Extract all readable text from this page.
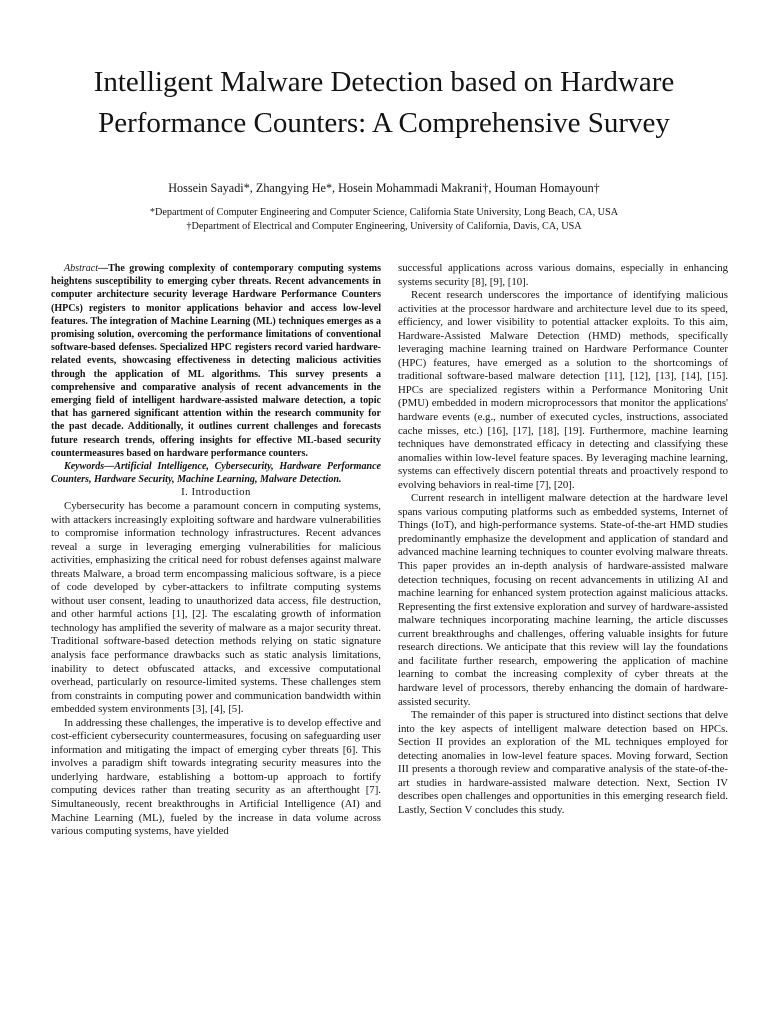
Intelligent Malware Detection based on Hardware
Performance Counters: A Comprehensive Survey
Hossein Sayadi*, Zhangying He*, Hosein Mohammadi Makrani†, Houman Homayoun†
*Department of Computer Engineering and Computer Science, California State University, Long Beach, CA, USA
†Department of Electrical and Computer Engineering, University of California, Davis, CA, USA

Abstract—The growing complexity of contemporary computing systems heightens susceptibility to emerging cyber threats. Recent advancements in computer architecture security leverage Hardware Performance Counters (HPCs) registers to monitor applications behavior and access low-level features. The integration of Machine Learning (ML) techniques emerges as a promising solution, overcoming the performance limitations of conventional software-based defenses. Specialized HPC registers record varied hardware-related events, showcasing effectiveness in detecting malicious activities through the application of ML algorithms. This survey presents a comprehensive and comparative analysis of recent advancements in the emerging field of intelligent hardware-assisted malware detection, a topic that has garnered significant attention within the research community for the past decade. Additionally, it outlines current challenges and forecasts future research trends, offering insights for effective ML-based security countermeasures based on hardware performance counters.

Keywords—Artificial Intelligence, Cybersecurity, Hardware Performance Counters, Hardware Security, Machine Learning, Malware Detection.

I. Introduction

Cybersecurity has become a paramount concern in computing systems, with attackers increasingly exploiting software and hardware vulnerabilities to compromise information technology infrastructures. Recent advances reveal a surge in leveraging emerging vulnerabilities for malicious activities, emphasizing the critical need for robust defenses against malware threats Malware, a broad term encompassing malicious software, is a piece of code developed by cyber-attackers to infiltrate computing systems without user consent, leading to unauthorized data access, file destruction, and other harmful actions [1], [2]. The escalating growth of information technology has amplified the severity of malware as a major security threat. Traditional software-based detection methods relying on static signature analysis face performance drawbacks such as static analysis limitations, inability to detect obfuscated attacks, and excessive computational overhead, particularly on resource-limited systems. These challenges stem from constraints in computing power and communication bandwidth within embedded system environments [3], [4], [5].

In addressing these challenges, the imperative is to develop effective and cost-efficient cybersecurity countermeasures, focusing on safeguarding user information and mitigating the impact of emerging cyber threats [6]. This involves a paradigm shift towards integrating security measures into the underlying hardware, establishing a bottom-up approach to fortify computing devices rather than treating security as an afterthought [7]. Simultaneously, recent breakthroughs in Artificial Intelligence (AI) and Machine Learning (ML), fueled by the increase in data volume across various computing systems, have yielded

successful applications across various domains, especially in enhancing systems security [8], [9], [10].

Recent research underscores the importance of identifying malicious activities at the processor hardware and architecture level due to its speed, efficiency, and lower visibility to potential attacker exploits. To this aim, Hardware-Assisted Malware Detection (HMD) methods, specifically leveraging machine learning trained on Hardware Performance Counter (HPC) features, have emerged as a solution to the shortcomings of traditional software-based malware detection [11], [12], [13], [14], [15]. HPCs are specialized registers within a Performance Monitoring Unit (PMU) embedded in modern microprocessors that monitor the applications' hardware events (e.g., number of executed cycles, instructions, associated cache misses, etc.) [16], [17], [18], [19]. Furthermore, machine learning techniques have demonstrated efficacy in detecting and classifying these anomalies within low-level feature spaces. By leveraging machine learning, systems can effectively discern potential threats and proactively respond to evolving behaviors in real-time [7], [20].

Current research in intelligent malware detection at the hardware level spans various computing platforms such as embedded systems, Internet of Things (IoT), and high-performance systems. State-of-the-art HMD studies predominantly emphasize the development and application of standard and advanced machine learning techniques to counter evolving malware threats. This paper provides an in-depth analysis of hardware-assisted malware detection techniques, focusing on recent advancements in utilizing AI and machine learning for enhanced system protection against malicious attacks. Representing the first extensive exploration and survey of hardware-assisted malware techniques incorporating machine learning, the article discusses current breakthroughs and challenges, offering valuable insights for future research directions. We anticipate that this review will lay the foundations and facilitate further research, empowering the application of machine learning to combat the increasing complexity of cyber threats at the hardware level of processors, thereby enhancing the domain of hardware-assisted security.

The remainder of this paper is structured into distinct sections that delve into the key aspects of intelligent malware detection based on HPCs. Section II provides an exploration of the ML techniques employed for detecting anomalies in low-level feature spaces. Moving forward, Section III presents a thorough review and comparative analysis of the state-of-the-art studies in hardware-assisted malware detection. Next, Section IV describes open challenges and opportunities in this emerging research field. Lastly, Section V concludes this study.
